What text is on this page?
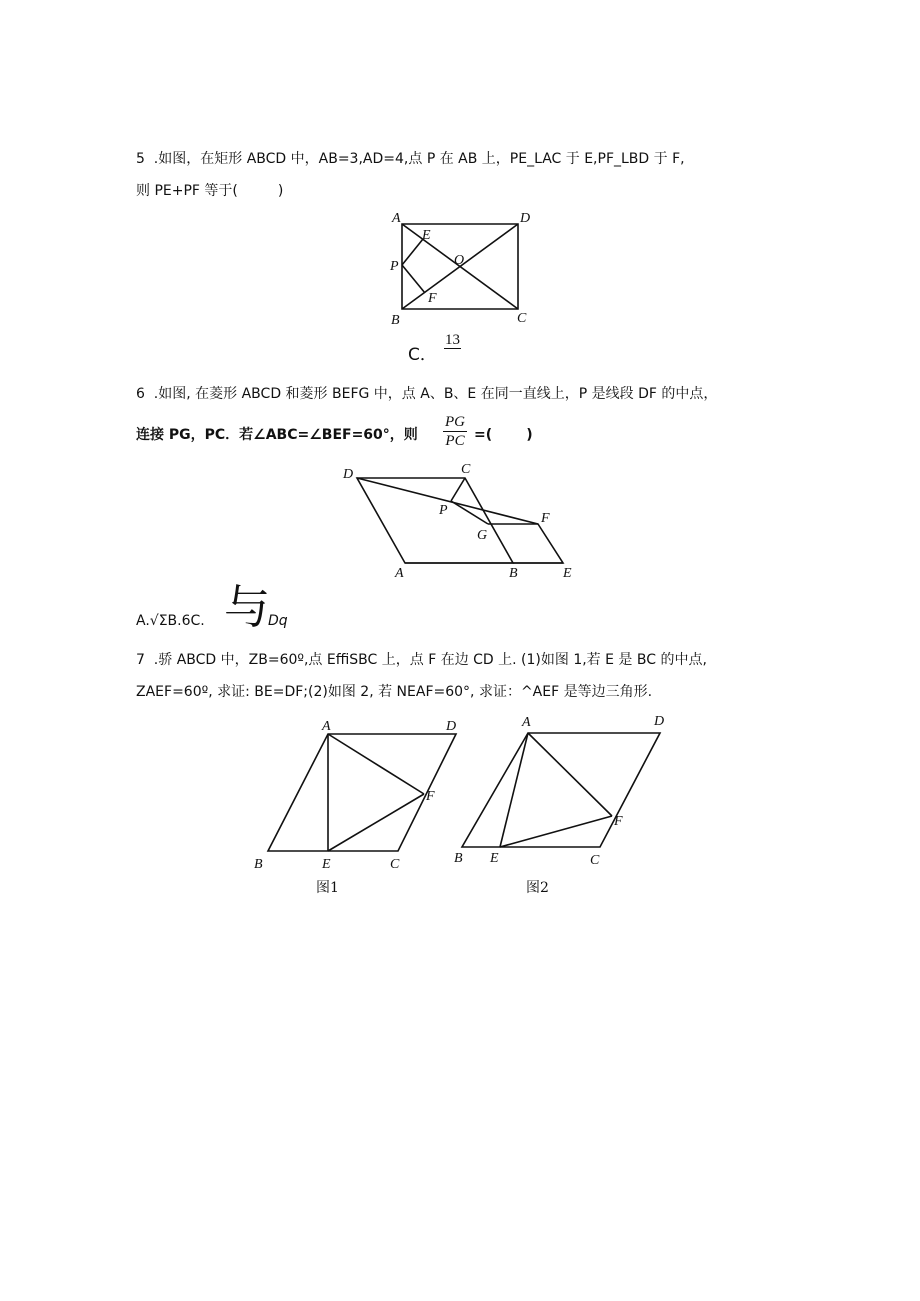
5  .如图，在矩形 ABCD 中，AB=3,AD=4,点 P 在 AB 上，PE_LAC 于 E,PF_LBD 于 F,
则 PE+PF 等于(         )
A	D
E
O
P
F
B	C
C．
13
6  .如图, 在菱形 ABCD 和菱形 BEFG 中，点 A、B、E 在同一直线上，P 是线段 DF 的中点，
连接 PG，PC．若∠ABC=∠BEF=60°，则 $\frac{PG}{PC}$ =(       )
D	C
P
F
G
A	B	E
A.√ΣB.6C. 与
Dq
7  .骄 ABCD 中，ZB=60º,点 EffiSBC 上，点 F 在边 CD 上. (1)如图 1,若 E 是 BC 的中点,
ZAEF=60º, 求证: BE=DF;(2)如图 2, 若 NEAF=60°, 求证：^AEF 是等边三角形.
A	D
F
B	E	C
图1
A	D
F
B E	C
图2
